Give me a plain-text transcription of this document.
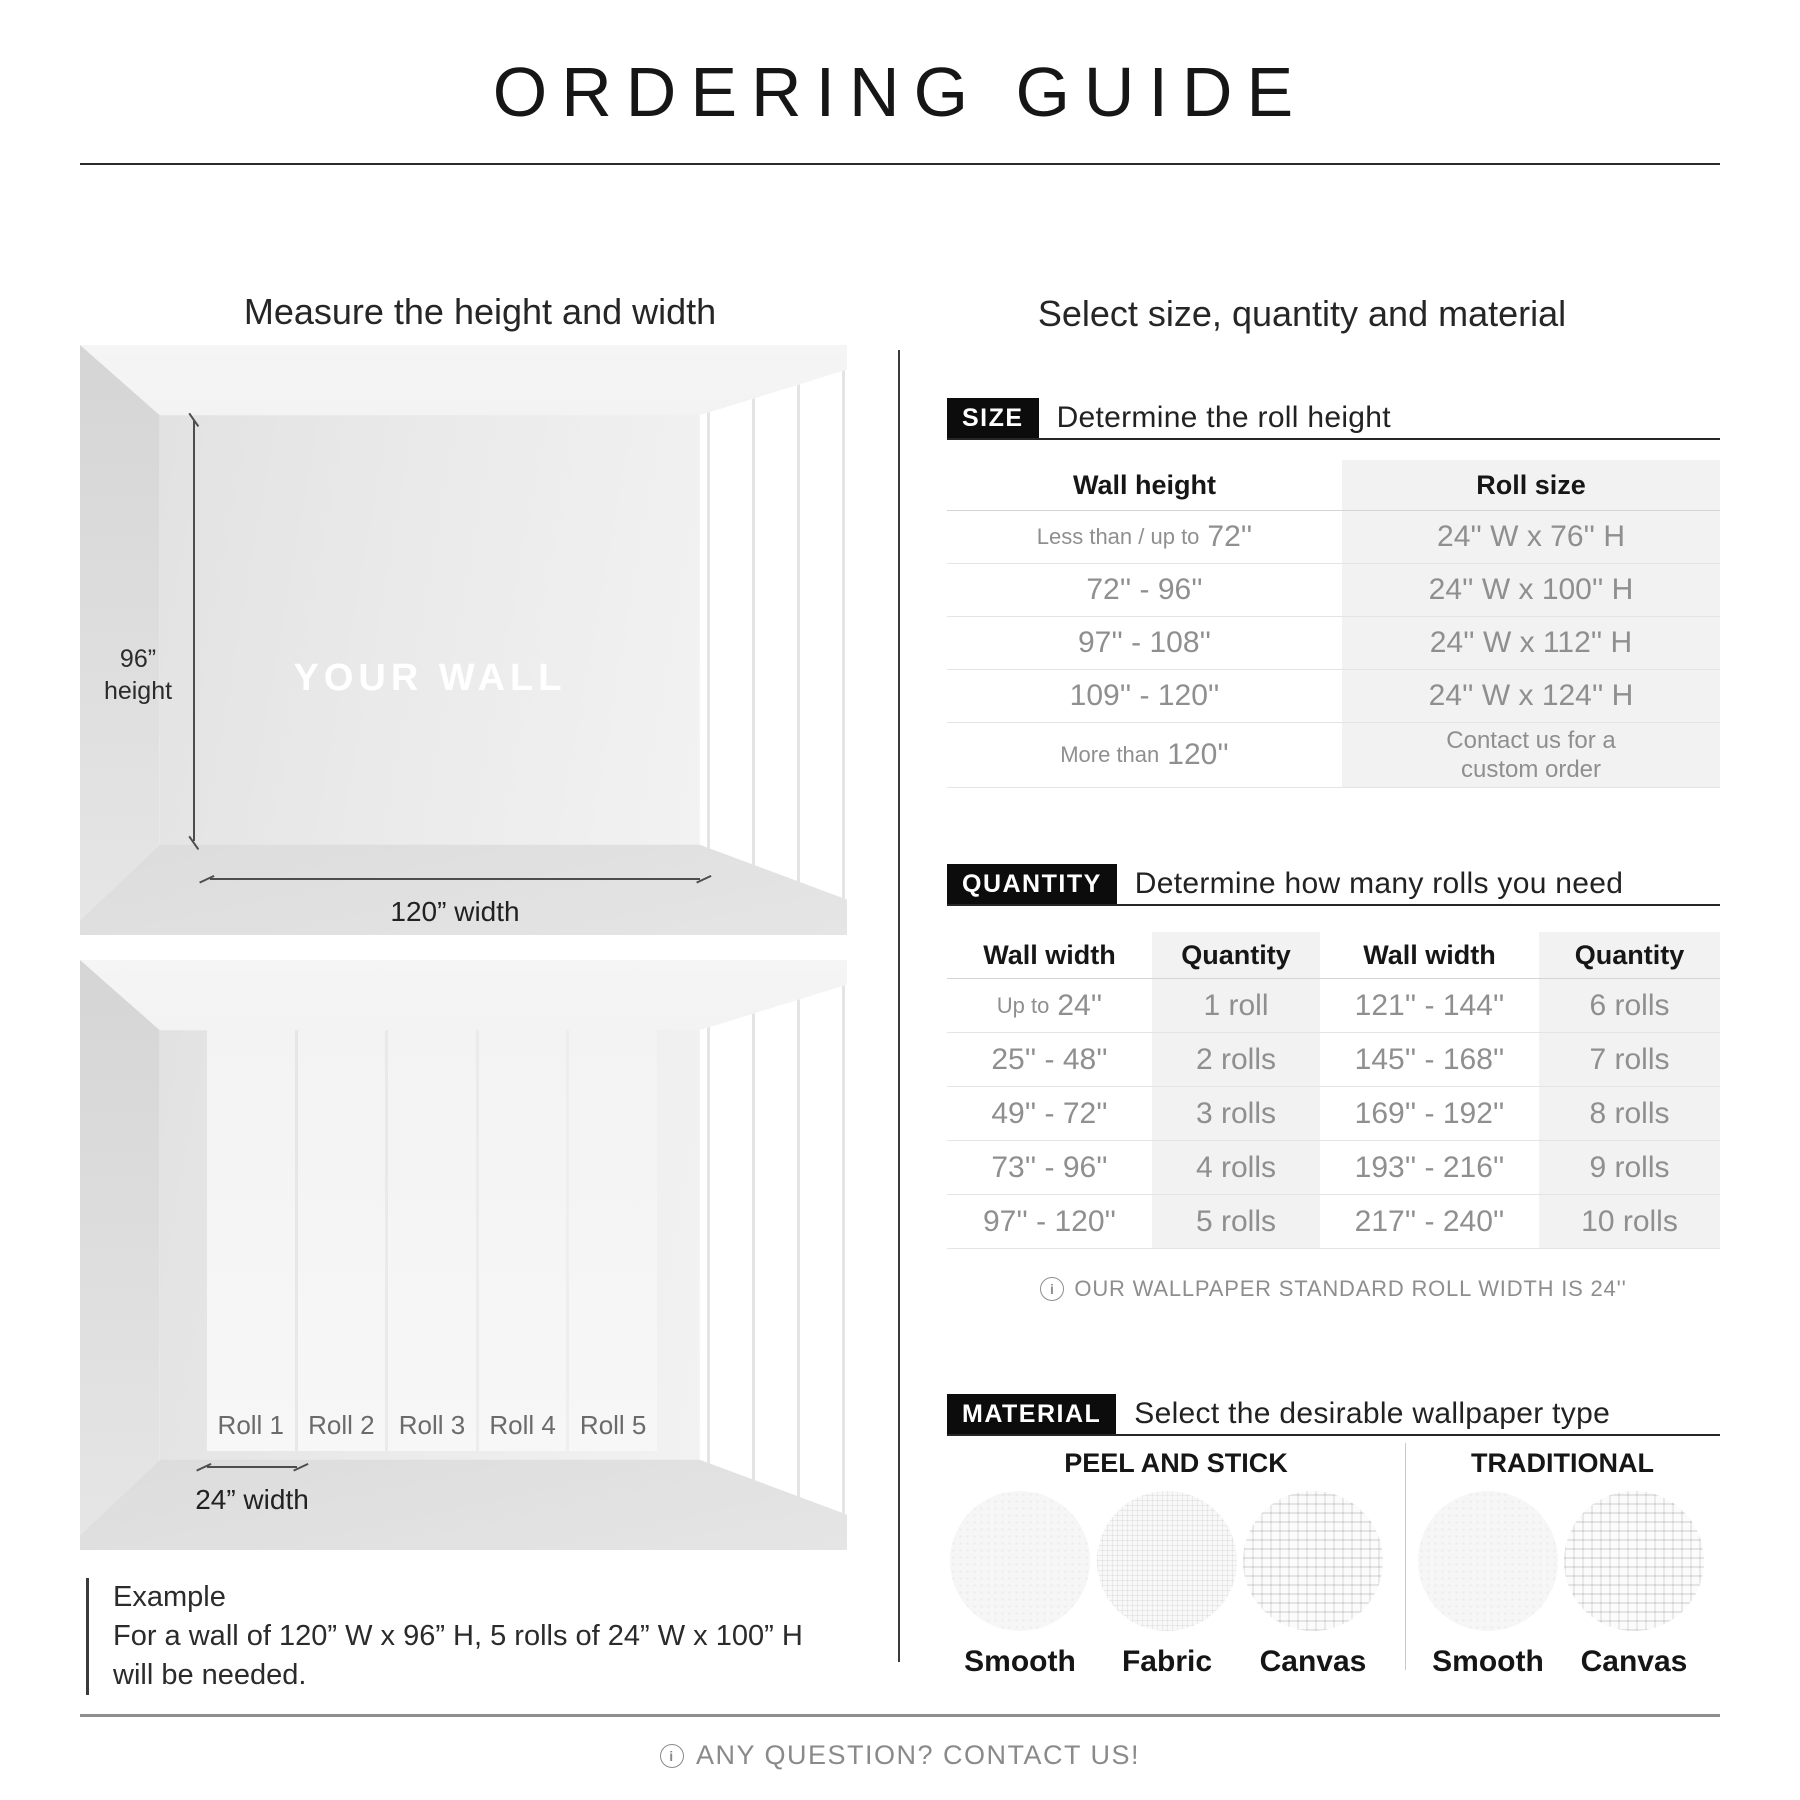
ORDERING GUIDE
Measure the height and width	Select size, quantity and material
YOUR WALL
96”
height
120” width
Roll 1 Roll 2 Roll 3 Roll 4 Roll 5
24” width
Example
For a wall of 120” W x 96” H, 5 rolls of 24” W x 100” H
will be needed.
SIZE	Determine the roll height
Wall height	Roll size
Less than / up to 72''	24'' W x 76'' H
72'' - 96''	24'' W x 100'' H
97'' - 108''	24'' W x 112'' H
109'' - 120''	24'' W x 124'' H
More than 120''	Contact us for a custom order
QUANTITY	Determine how many rolls you need
Wall width	Quantity	Wall width	Quantity
Up to 24''	1 roll	121'' - 144''	6 rolls
25'' - 48''	2 rolls	145'' - 168''	7 rolls
49'' - 72''	3 rolls	169'' - 192''	8 rolls
73'' - 96''	4 rolls	193'' - 216''	9 rolls
97'' - 120''	5 rolls	217'' - 240''	10 rolls
i OUR WALLPAPER STANDARD ROLL WIDTH IS 24''
MATERIAL	Select the desirable wallpaper type
PEEL AND STICK	TRADITIONAL
Smooth	Fabric	Canvas	Smooth	Canvas
i ANY QUESTION? CONTACT US!
